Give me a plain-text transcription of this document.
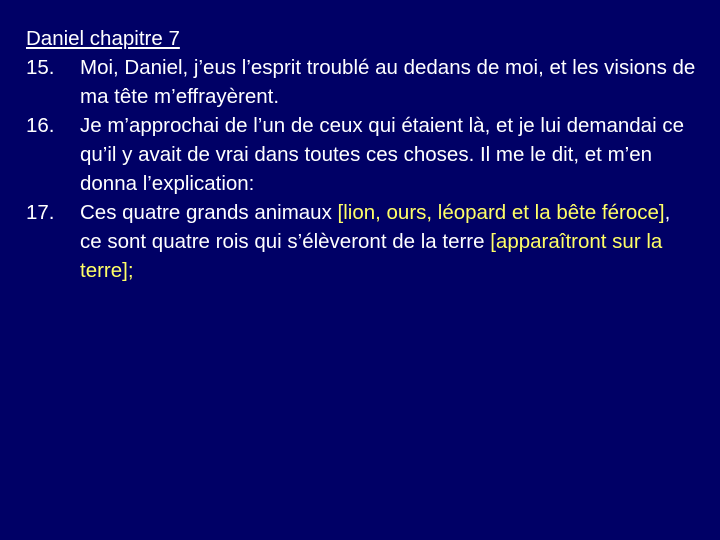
Daniel chapitre 7
15.	Moi, Daniel, j’eus l’esprit troublé au dedans de moi, et les visions de ma tête m’effrayèrent.
16.	Je m’approchai de l’un de ceux qui étaient là, et je lui demandai ce qu’il y avait de vrai dans toutes ces choses. Il me le dit, et m’en donna l’explication:
17.	Ces quatre grands animaux [lion, ours, léopard et la bête féroce], ce sont quatre rois qui s’élèveront de la terre [apparaîtront sur la terre];
